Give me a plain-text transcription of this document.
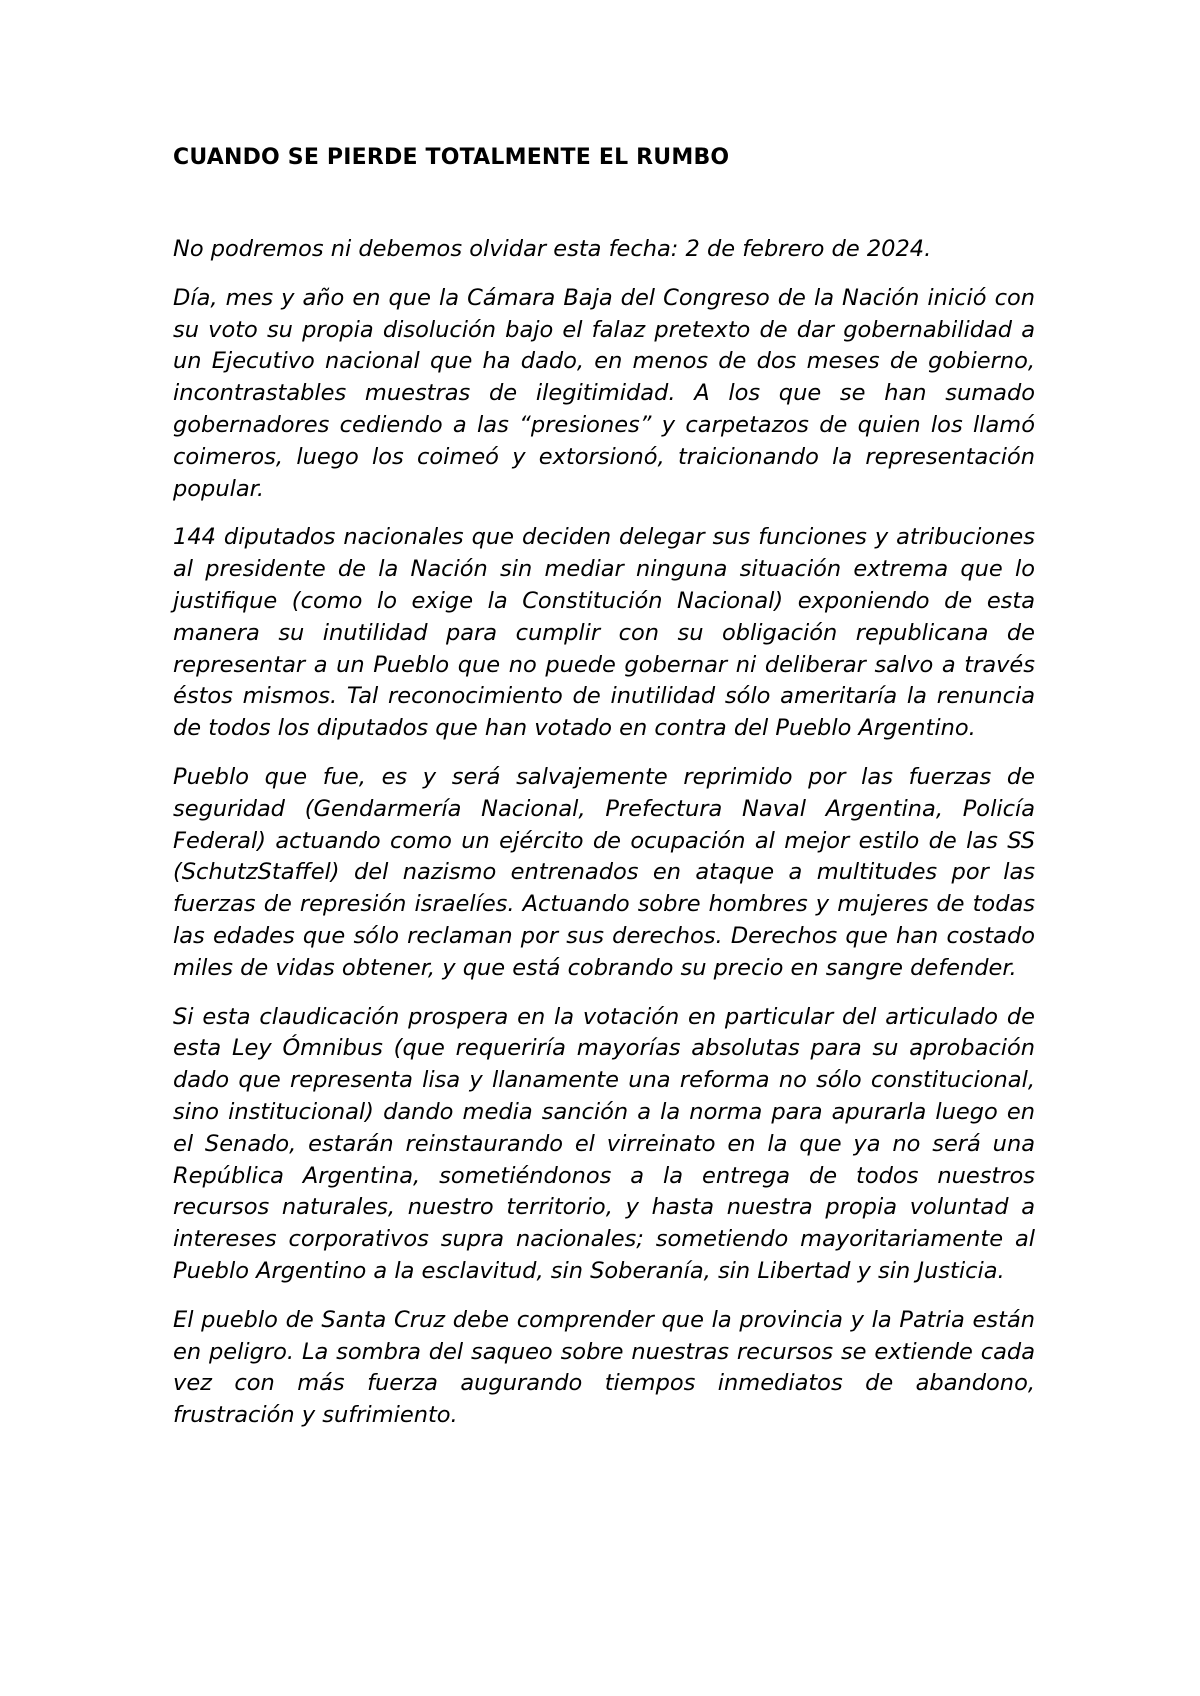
CUANDO SE PIERDE TOTALMENTE EL RUMBO

No podremos ni debemos olvidar esta fecha: 2 de febrero de 2024.

Día, mes y año en que la Cámara Baja del Congreso de la Nación inició con su voto su propia disolución bajo el falaz pretexto de dar gobernabilidad a un Ejecutivo nacional que ha dado, en menos de dos meses de gobierno, incontrastables muestras de ilegitimidad. A los que se han sumado gobernadores cediendo a las “presiones” y carpetazos de quien los llamó coimeros, luego los coimeó y extorsionó, traicionando la representación popular.

144 diputados nacionales que deciden delegar sus funciones y atribuciones al presidente de la Nación sin mediar ninguna situación extrema que lo justifique (como lo exige la Constitución Nacional) exponiendo de esta manera su inutilidad para cumplir con su obligación republicana de representar a un Pueblo que no puede gobernar ni deliberar salvo a través éstos mismos. Tal reconocimiento de inutilidad sólo ameritaría la renuncia de todos los diputados que han votado en contra del Pueblo Argentino.

Pueblo que fue, es y será salvajemente reprimido por las fuerzas de seguridad (Gendarmería Nacional, Prefectura Naval Argentina, Policía Federal) actuando como un ejército de ocupación al mejor estilo de las SS (SchutzStaffel) del nazismo entrenados en ataque a multitudes por las fuerzas de represión israelíes. Actuando sobre hombres y mujeres de todas las edades que sólo reclaman por sus derechos. Derechos que han costado miles de vidas obtener, y que está cobrando su precio en sangre defender.

Si esta claudicación prospera en la votación en particular del articulado de esta Ley Ómnibus (que requeriría mayorías absolutas para su aprobación dado que representa lisa y llanamente una reforma no sólo constitucional, sino institucional) dando media sanción a la norma para apurarla luego en el Senado, estarán reinstaurando el virreinato en la que ya no será una República Argentina, sometiéndonos a la entrega de todos nuestros recursos naturales, nuestro territorio, y hasta nuestra propia voluntad a intereses corporativos supra nacionales; sometiendo mayoritariamente al Pueblo Argentino a la esclavitud, sin Soberanía, sin Libertad y sin Justicia.

El pueblo de Santa Cruz debe comprender que la provincia y la Patria están en peligro. La sombra del saqueo sobre nuestras recursos se extiende cada vez con más fuerza augurando tiempos inmediatos de abandono, frustración y sufrimiento.
